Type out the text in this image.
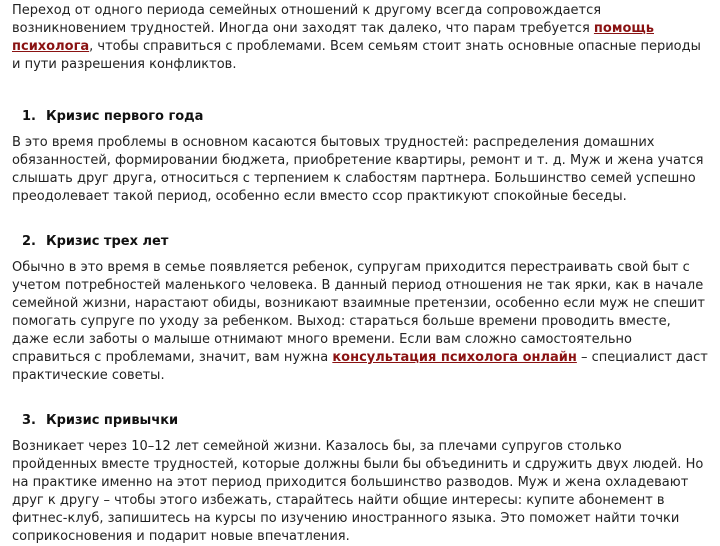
Переход от одного периода семейных отношений к другому всегда сопровождается возникновением трудностей. Иногда они заходят так далеко, что парам требуется помощь психолога, чтобы справиться с проблемами. Всем семьям стоит знать основные опасные периоды и пути разрешения конфликтов.

1. Кризис первого года

В это время проблемы в основном касаются бытовых трудностей: распределения домашних обязанностей, формировании бюджета, приобретение квартиры, ремонт и т. д. Муж и жена учатся слышать друг друга, относиться с терпением к слабостям партнера. Большинство семей успешно преодолевает такой период, особенно если вместо ссор практикуют спокойные беседы.

2. Кризис трех лет

Обычно в это время в семье появляется ребенок, супругам приходится перестраивать свой быт с учетом потребностей маленького человека. В данный период отношения не так ярки, как в начале семейной жизни, нарастают обиды, возникают взаимные претензии, особенно если муж не спешит помогать супруге по уходу за ребенком. Выход: стараться больше времени проводить вместе, даже если заботы о малыше отнимают много времени. Если вам сложно самостоятельно справиться с проблемами, значит, вам нужна консультация психолога онлайн – специалист даст практические советы.

3. Кризис привычки

Возникает через 10–12 лет семейной жизни. Казалось бы, за плечами супругов столько пройденных вместе трудностей, которые должны были бы объединить и сдружить двух людей. Но на практике именно на этот период приходится большинство разводов. Муж и жена охладевают друг к другу – чтобы этого избежать, старайтесь найти общие интересы: купите абонемент в фитнес-клуб, запишитесь на курсы по изучению иностранного языка. Это поможет найти точки соприкосновения и подарит новые впечатления.
